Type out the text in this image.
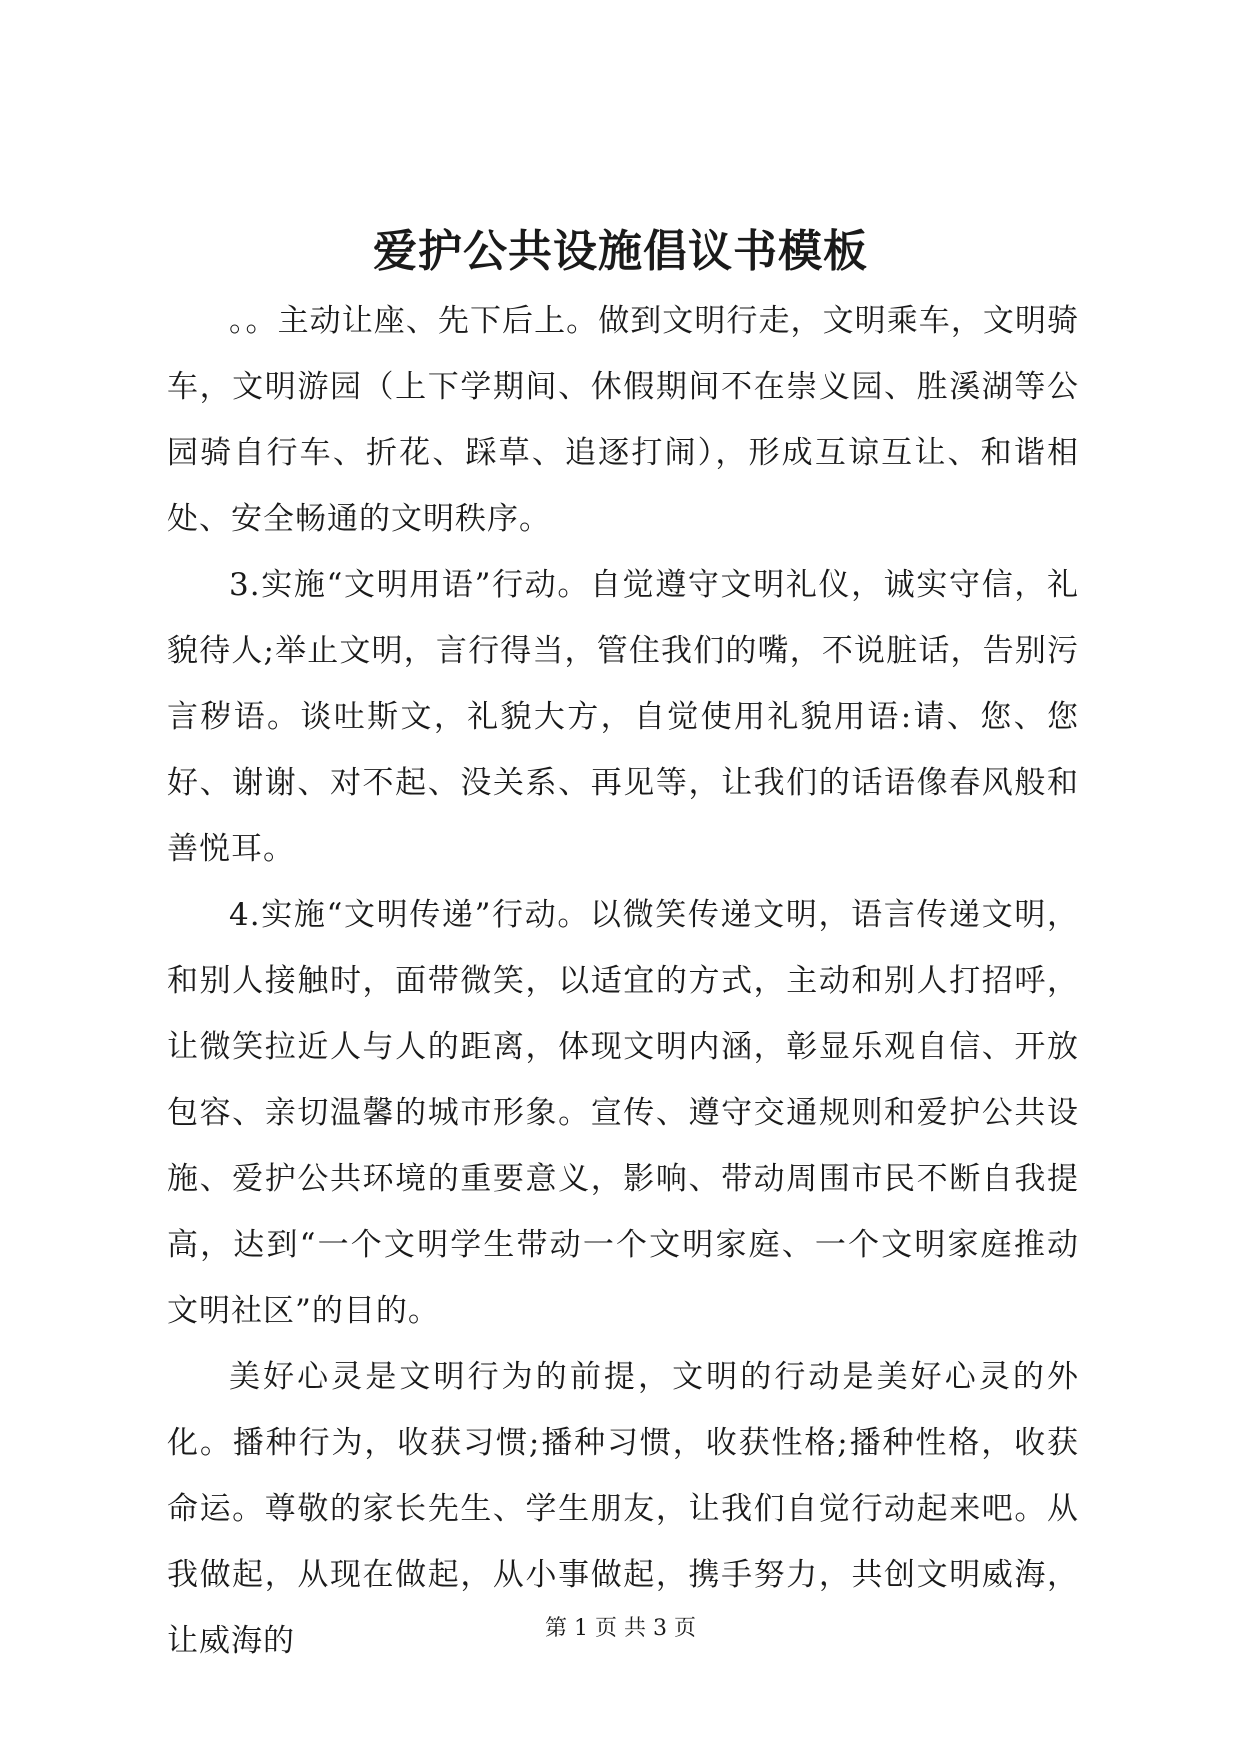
爱护公共设施倡议书模板

。。主动让座、先下后上。做到文明行走，文明乘车，文明骑车，文明游园（上下学期间、休假期间不在崇义园、胜溪湖等公园骑自行车、折花、踩草、追逐打闹），形成互谅互让、和谐相处、安全畅通的文明秩序。

3.实施“文明用语”行动。自觉遵守文明礼仪，诚实守信，礼貌待人;举止文明，言行得当，管住我们的嘴，不说脏话，告别污言秽语。谈吐斯文，礼貌大方，自觉使用礼貌用语:请、您、您好、谢谢、对不起、没关系、再见等，让我们的话语像春风般和善悦耳。

4.实施“文明传递”行动。以微笑传递文明，语言传递文明，和别人接触时，面带微笑，以适宜的方式，主动和别人打招呼，让微笑拉近人与人的距离，体现文明内涵，彰显乐观自信、开放包容、亲切温馨的城市形象。宣传、遵守交通规则和爱护公共设施、爱护公共环境的重要意义，影响、带动周围市民不断自我提高，达到“一个文明学生带动一个文明家庭、一个文明家庭推动文明社区”的目的。

美好心灵是文明行为的前提，文明的行动是美好心灵的外化。播种行为，收获习惯;播种习惯，收获性格;播种性格，收获命运。尊敬的家长先生、学生朋友，让我们自觉行动起来吧。从我做起，从现在做起，从小事做起，携手努力，共创文明威海，让威海的	第 1 页 共 3 页
